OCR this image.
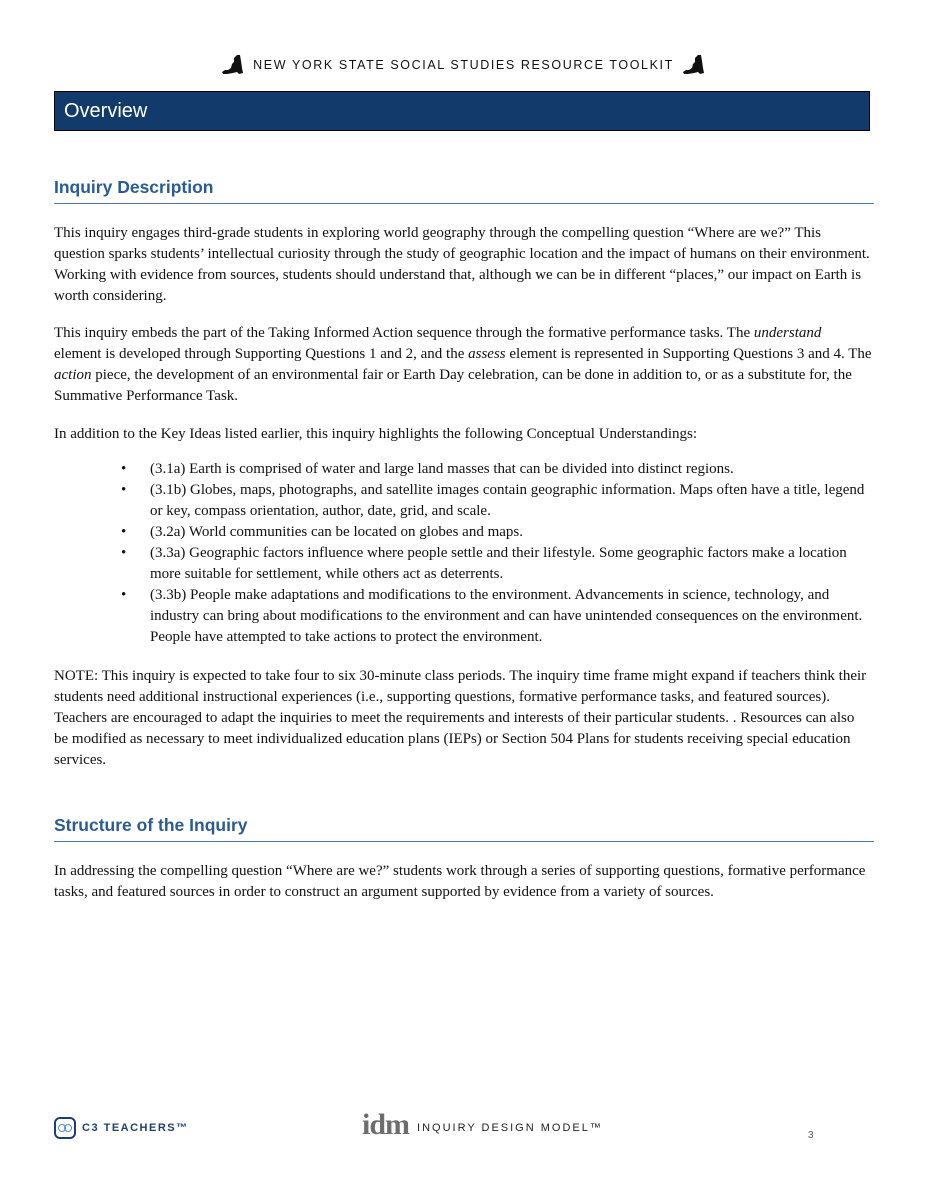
NEW YORK STATE SOCIAL STUDIES RESOURCE TOOLKIT
Overview
Inquiry Description

This inquiry engages third-grade students in exploring world geography through the compelling question “Where are we?” This question sparks students’ intellectual curiosity through the study of geographic location and the impact of humans on their environment. Working with evidence from sources, students should understand that, although we can be in different “places,” our impact on Earth is worth considering.

This inquiry embeds the part of the Taking Informed Action sequence through the formative performance tasks. The understand element is developed through Supporting Questions 1 and 2, and the assess element is represented in Supporting Questions 3 and 4. The action piece, the development of an environmental fair or Earth Day celebration, can be done in addition to, or as a substitute for, the Summative Performance Task.

In addition to the Key Ideas listed earlier, this inquiry highlights the following Conceptual Understandings:

• (3.1a) Earth is comprised of water and large land masses that can be divided into distinct regions.
• (3.1b) Globes, maps, photographs, and satellite images contain geographic information. Maps often have a title, legend or key, compass orientation, author, date, grid, and scale.
• (3.2a) World communities can be located on globes and maps.
• (3.3a) Geographic factors influence where people settle and their lifestyle. Some geographic factors make a location more suitable for settlement, while others act as deterrents.
• (3.3b) People make adaptations and modifications to the environment. Advancements in science, technology, and industry can bring about modifications to the environment and can have unintended consequences on the environment. People have attempted to take actions to protect the environment.

NOTE: This inquiry is expected to take four to six 30-minute class periods. The inquiry time frame might expand if teachers think their students need additional instructional experiences (i.e., supporting questions, formative performance tasks, and featured sources). Teachers are encouraged to adapt the inquiries to meet the requirements and interests of their particular students. . Resources can also be modified as necessary to meet individualized education plans (IEPs) or Section 504 Plans for students receiving special education services.

Structure of the Inquiry

In addressing the compelling question “Where are we?” students work through a series of supporting questions, formative performance tasks, and featured sources in order to construct an argument supported by evidence from a variety of sources.

C3 TEACHERS™	idm INQUIRY DESIGN MODEL™
3
